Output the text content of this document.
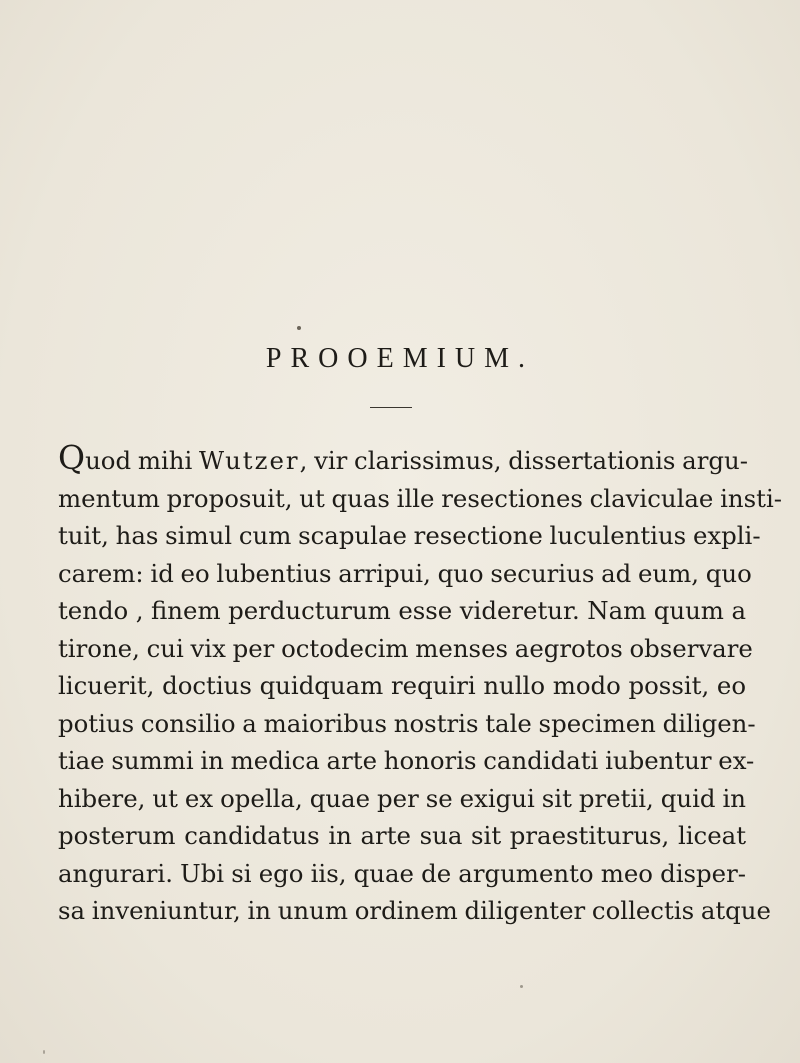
PROOEMIUM.
Quod mihi Wutzer, vir clarissimus, dissertationis argu-
mentum proposuit, ut quas ille resectiones claviculae insti-
tuit, has simul cum scapulae resectione luculentius expli-
carem: id eo lubentius arripui, quo securius ad eum, quo
tendo , finem perducturum esse videretur. Nam quum a
tirone, cui vix per octodecim menses aegrotos observare
licuerit, doctius quidquam requiri nullo modo possit, eo
potius consilio a maioribus nostris tale specimen diligen-
tiae summi in medica arte honoris candidati iubentur ex-
hibere, ut ex opella, quae per se exigui sit pretii, quid in
posterum candidatus in arte sua sit praestiturus, liceat
angurari. Ubi si ego iis, quae de argumento meo disper-
sa inveniuntur, in unum ordinem diligenter collectis atque
